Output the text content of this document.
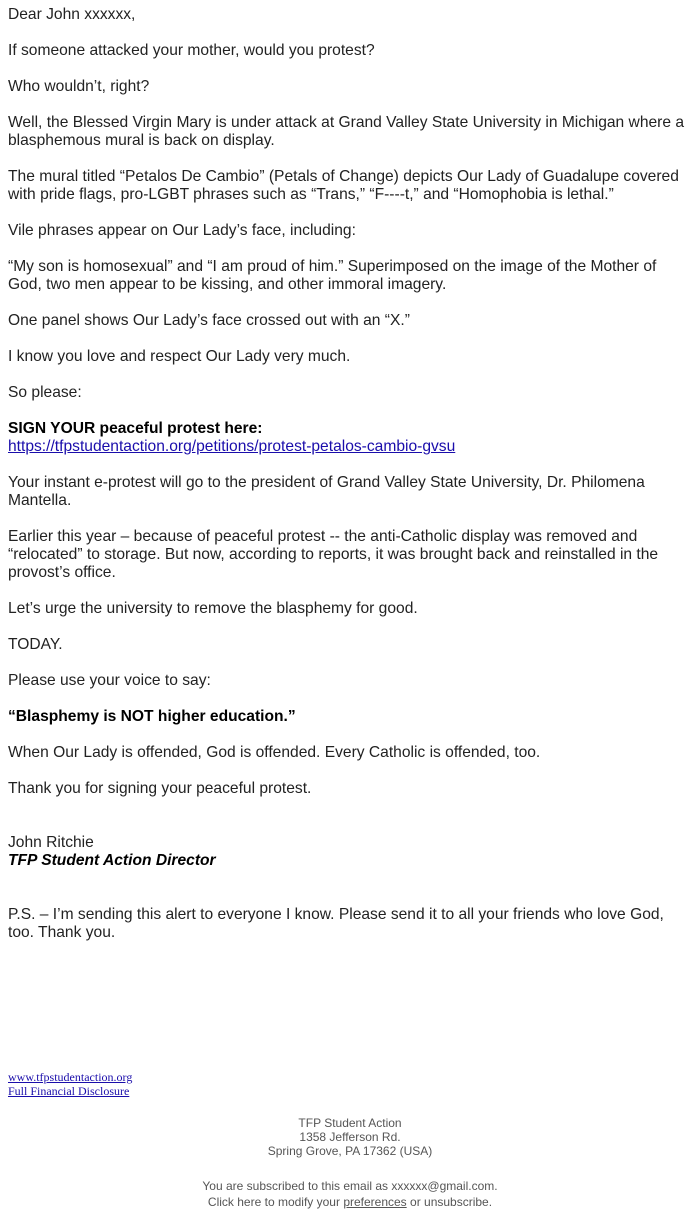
Dear John xxxxxx,

If someone attacked your mother, would you protest?

Who wouldn’t, right?

Well, the Blessed Virgin Mary is under attack at Grand Valley State University in Michigan where a blasphemous mural is back on display.

The mural titled “Petalos De Cambio” (Petals of Change) depicts Our Lady of Guadalupe covered with pride flags, pro-LGBT phrases such as “Trans,” “F----t,” and “Homophobia is lethal.”

Vile phrases appear on Our Lady’s face, including:

“My son is homosexual” and “I am proud of him.” Superimposed on the image of the Mother of God, two men appear to be kissing, and other immoral imagery.

One panel shows Our Lady’s face crossed out with an “X.”

I know you love and respect Our Lady very much.

So please:

SIGN YOUR peaceful protest here:

https://tfpstudentaction.org/petitions/protest-petalos-cambio-gvsu

Your instant e-protest will go to the president of Grand Valley State University, Dr. Philomena Mantella.

Earlier this year – because of peaceful protest -- the anti-Catholic display was removed and “relocated” to storage. But now, according to reports, it was brought back and reinstalled in the provost’s office.

Let’s urge the university to remove the blasphemy for good.

TODAY.

Please use your voice to say:

“Blasphemy is NOT higher education.”

When Our Lady is offended, God is offended. Every Catholic is offended, too.

Thank you for signing your peaceful protest.

John Ritchie

TFP Student Action Director

P.S. – I’m sending this alert to everyone I know. Please send it to all your friends who love God, too. Thank you.

www.tfpstudentaction.org
Full Financial Disclosure
TFP Student Action
1358 Jefferson Rd.
Spring Grove, PA 17362 (USA)
You are subscribed to this email as xxxxxx@gmail.com.
Click here to modify your preferences or unsubscribe.
